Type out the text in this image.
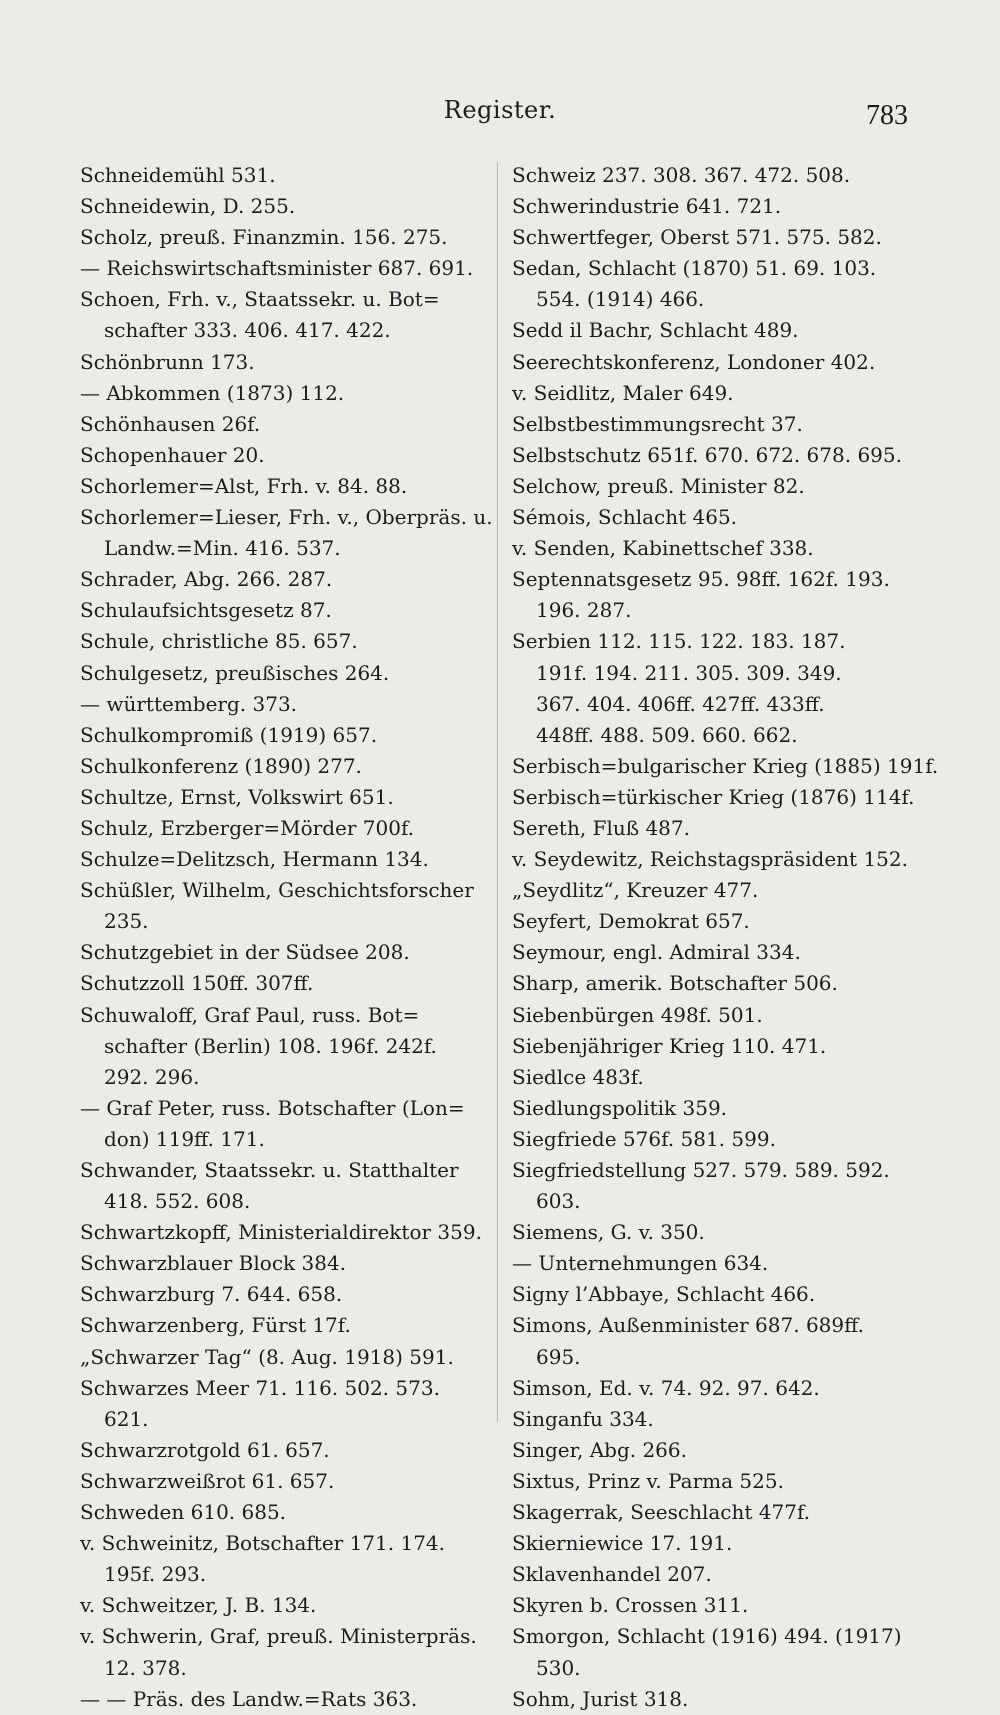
Register.	783
Schneidemühl 531.
Schneidewin, D. 255.
Scholz, preuß. Finanzmin. 156. 275.
— Reichswirtschaftsminister 687. 691.
Schoen, Frh. v., Staatssekr. u. Bot=
schafter 333. 406. 417. 422.
Schönbrunn 173.
— Abkommen (1873) 112.
Schönhausen 26f.
Schopenhauer 20.
Schorlemer=Alst, Frh. v. 84. 88.
Schorlemer=Lieser, Frh. v., Oberpräs. u.
Landw.=Min. 416. 537.
Schrader, Abg. 266. 287.
Schulaufsichtsgesetz 87.
Schule, christliche 85. 657.
Schulgesetz, preußisches 264.
— württemberg. 373.
Schulkompromiß (1919) 657.
Schulkonferenz (1890) 277.
Schultze, Ernst, Volkswirt 651.
Schulz, Erzberger=Mörder 700f.
Schulze=Delitzsch, Hermann 134.
Schüßler, Wilhelm, Geschichtsforscher
235.
Schutzgebiet in der Südsee 208.
Schutzzoll 150ff. 307ff.
Schuwaloff, Graf Paul, russ. Bot=
schafter (Berlin) 108. 196f. 242f.
292. 296.
— Graf Peter, russ. Botschafter (Lon=
don) 119ff. 171.
Schwander, Staatssekr. u. Statthalter
418. 552. 608.
Schwartzkopff, Ministerialdirektor 359.
Schwarzblauer Block 384.
Schwarzburg 7. 644. 658.
Schwarzenberg, Fürst 17f.
„Schwarzer Tag“ (8. Aug. 1918) 591.
Schwarzes Meer 71. 116. 502. 573.
621.
Schwarzrotgold 61. 657.
Schwarzweißrot 61. 657.
Schweden 610. 685.
v. Schweinitz, Botschafter 171. 174.
195f. 293.
v. Schweitzer, J. B. 134.
v. Schwerin, Graf, preuß. Ministerpräs.
12. 378.
— — Präs. des Landw.=Rats 363.
Schweiz 237. 308. 367. 472. 508.
Schwerindustrie 641. 721.
Schwertfeger, Oberst 571. 575. 582.
Sedan, Schlacht (1870) 51. 69. 103.
554. (1914) 466.
Sedd il Bachr, Schlacht 489.
Seerechtskonferenz, Londoner 402.
v. Seidlitz, Maler 649.
Selbstbestimmungsrecht 37.
Selbstschutz 651f. 670. 672. 678. 695.
Selchow, preuß. Minister 82.
Sémois, Schlacht 465.
v. Senden, Kabinettschef 338.
Septennatsgesetz 95. 98ff. 162f. 193.
196. 287.
Serbien 112. 115. 122. 183. 187.
191f. 194. 211. 305. 309. 349.
367. 404. 406ff. 427ff. 433ff.
448ff. 488. 509. 660. 662.
Serbisch=bulgarischer Krieg (1885) 191f.
Serbisch=türkischer Krieg (1876) 114f.
Sereth, Fluß 487.
v. Seydewitz, Reichstagspräsident 152.
„Seydlitz“, Kreuzer 477.
Seyfert, Demokrat 657.
Seymour, engl. Admiral 334.
Sharp, amerik. Botschafter 506.
Siebenbürgen 498f. 501.
Siebenjähriger Krieg 110. 471.
Siedlce 483f.
Siedlungspolitik 359.
Siegfriede 576f. 581. 599.
Siegfriedstellung 527. 579. 589. 592.
603.
Siemens, G. v. 350.
— Unternehmungen 634.
Signy l’Abbaye, Schlacht 466.
Simons, Außenminister 687. 689ff.
695.
Simson, Ed. v. 74. 92. 97. 642.
Singanfu 334.
Singer, Abg. 266.
Sixtus, Prinz v. Parma 525.
Skagerrak, Seeschlacht 477f.
Skierniewice 17. 191.
Sklavenhandel 207.
Skyren b. Crossen 311.
Smorgon, Schlacht (1916) 494. (1917)
530.
Sohm, Jurist 318.
